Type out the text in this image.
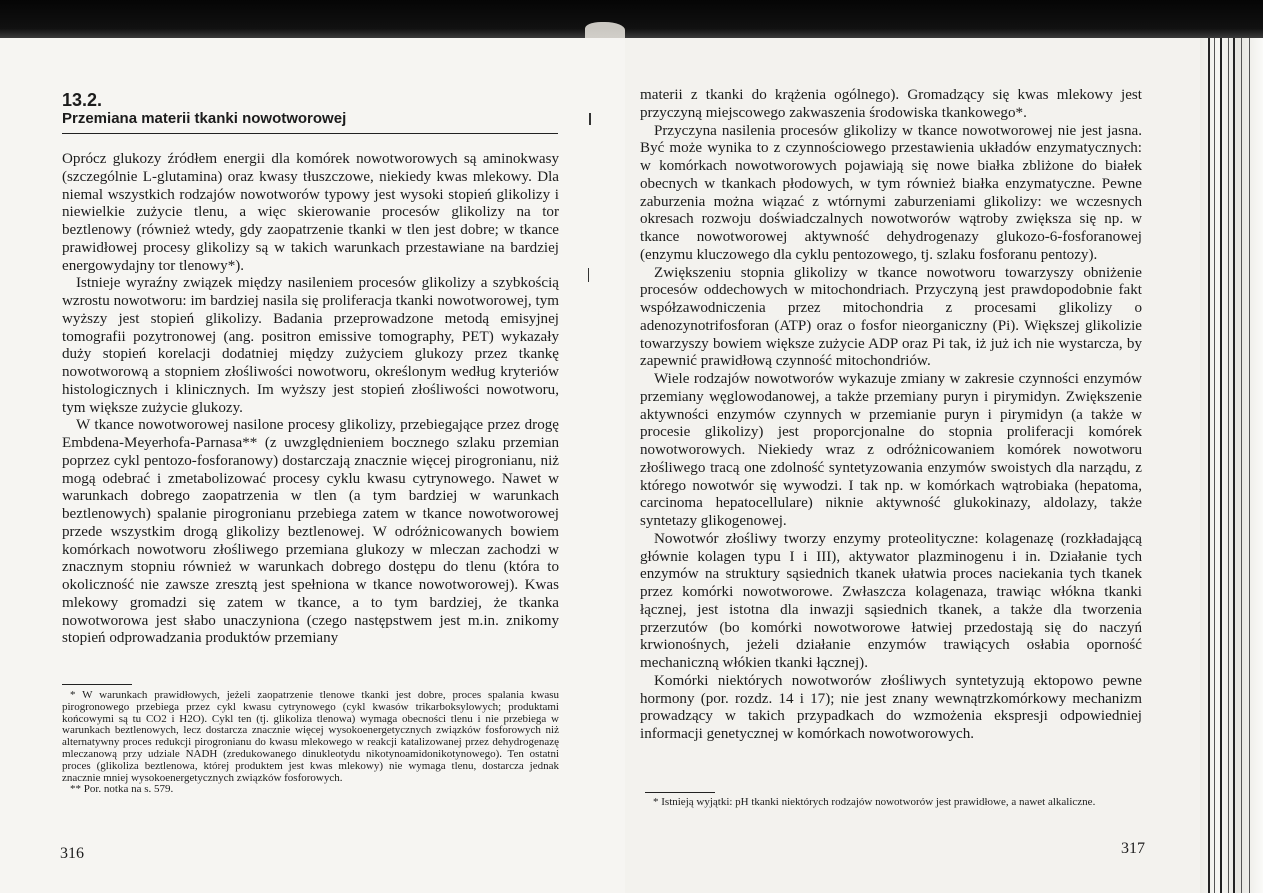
13.2.
Przemiana materii tkanki nowotworowej

Oprócz glukozy źródłem energii dla komórek nowotworowych są aminokwasy (szczególnie L-glutamina) oraz kwasy tłuszczowe, niekiedy kwas mlekowy. Dla niemal wszystkich rodzajów nowotworów typowy jest wysoki stopień glikolizy i niewielkie zużycie tlenu, a więc skierowanie procesów glikolizy na tor beztlenowy (również wtedy, gdy zaopatrzenie tkanki w tlen jest dobre; w tkance prawidłowej procesy glikolizy są w takich warunkach przestawiane na bardziej energowydajny tor tlenowy*).

Istnieje wyraźny związek między nasileniem procesów glikolizy a szybkością wzrostu nowotworu: im bardziej nasila się proliferacja tkanki nowotworowej, tym wyższy jest stopień glikolizy. Badania przeprowadzone metodą emisyjnej tomografii pozytronowej (ang. positron emissive tomography, PET) wykazały duży stopień korelacji dodatniej między zużyciem glukozy przez tkankę nowotworową a stopniem złośliwości nowotworu, określonym według kryteriów histologicznych i klinicznych. Im wyższy jest stopień złośliwości nowotworu, tym większe zużycie glukozy.

W tkance nowotworowej nasilone procesy glikolizy, przebiegające przez drogę Embdena-Meyerhofa-Parnasa** (z uwzględnieniem bocznego szlaku przemian poprzez cykl pentozo-fosforanowy) dostarczają znacznie więcej pirogronianu, niż mogą odebrać i zmetabolizować procesy cyklu kwasu cytrynowego. Nawet w warunkach dobrego zaopatrzenia w tlen (a tym bardziej w warunkach beztlenowych) spalanie pirogronianu przebiega zatem w tkance nowotworowej przede wszystkim drogą glikolizy beztlenowej. W odróżnicowanych bowiem komórkach nowotworu złośliwego przemiana glukozy w mleczan zachodzi w znacznym stopniu również w warunkach dobrego dostępu do tlenu (która to okoliczność nie zawsze zresztą jest spełniona w tkance nowotworowej). Kwas mlekowy gromadzi się zatem w tkance, a to tym bardziej, że tkanka nowotworowa jest słabo unaczyniona (czego następstwem jest m.in. znikomy stopień odprowadzania produktów przemiany

* W warunkach prawidłowych, jeżeli zaopatrzenie tlenowe tkanki jest dobre, proces spalania kwasu pirogronowego przebiega przez cykl kwasu cytrynowego (cykl kwasów trikarboksylowych; produktami końcowymi są tu CO2 i H2O). Cykl ten (tj. glikoliza tlenowa) wymaga obecności tlenu i nie przebiega w warunkach beztlenowych, lecz dostarcza znacznie więcej wysokoenergetycznych związków fosforowych niż alternatywny proces redukcji pirogronianu do kwasu mlekowego w reakcji katalizowanej przez dehydrogenazę mleczanową przy udziale NADH (zredukowanego dinukleotydu nikotynoamidonikotynowego). Ten ostatni proces (glikoliza beztlenowa, której produktem jest kwas mlekowy) nie wymaga tlenu, dostarcza jednak znacznie mniej wysokoenergetycznych związków fosforowych.

** Por. notka na s. 579.

316

materii z tkanki do krążenia ogólnego). Gromadzący się kwas mlekowy jest przyczyną miejscowego zakwaszenia środowiska tkankowego*.

Przyczyna nasilenia procesów glikolizy w tkance nowotworowej nie jest jasna. Być może wynika to z czynnościowego przestawienia układów enzymatycznych: w komórkach nowotworowych pojawiają się nowe białka zbliżone do białek obecnych w tkankach płodowych, w tym również białka enzymatyczne. Pewne zaburzenia można wiązać z wtórnymi zaburzeniami glikolizy: we wczesnych okresach rozwoju doświadczalnych nowotworów wątroby zwiększa się np. w tkance nowotworowej aktywność dehydrogenazy glukozo-6-fosforanowej (enzymu kluczowego dla cyklu pentozowego, tj. szlaku fosforanu pentozy).

Zwiększeniu stopnia glikolizy w tkance nowotworu towarzyszy obniżenie procesów oddechowych w mitochondriach. Przyczyną jest prawdopodobnie fakt współzawodniczenia przez mitochondria z procesami glikolizy o adenozynotrifosforan (ATP) oraz o fosfor nieorganiczny (Pi). Większej glikolizie towarzyszy bowiem większe zużycie ADP oraz Pi tak, iż już ich nie wystarcza, by zapewnić prawidłową czynność mitochondriów.

Wiele rodzajów nowotworów wykazuje zmiany w zakresie czynności enzymów przemiany węglowodanowej, a także przemiany puryn i pirymidyn. Zwiększenie aktywności enzymów czynnych w przemianie puryn i pirymidyn (a także w procesie glikolizy) jest proporcjonalne do stopnia proliferacji komórek nowotworowych. Niekiedy wraz z odróżnicowaniem komórek nowotworu złośliwego tracą one zdolność syntetyzowania enzymów swoistych dla narządu, z którego nowotwór się wywodzi. I tak np. w komórkach wątrobiaka (hepatoma, carcinoma hepatocellulare) niknie aktywność glukokinazy, aldolazy, także syntetazy glikogenowej.

Nowotwór złośliwy tworzy enzymy proteolityczne: kolagenazę (rozkładającą głównie kolagen typu I i III), aktywator plazminogenu i in. Działanie tych enzymów na struktury sąsiednich tkanek ułatwia proces naciekania tych tkanek przez komórki nowotworowe. Zwłaszcza kolagenaza, trawiąc włókna tkanki łącznej, jest istotna dla inwazji sąsiednich tkanek, a także dla tworzenia przerzutów (bo komórki nowotworowe łatwiej przedostają się do naczyń krwionośnych, jeżeli działanie enzymów trawiących osłabia oporność mechaniczną włókien tkanki łącznej).

Komórki niektórych nowotworów złośliwych syntetyzują ektopowo pewne hormony (por. rozdz. 14 i 17); nie jest znany wewnątrzkomórkowy mechanizm prowadzący w takich przypadkach do wzmożenia ekspresji odpowiedniej informacji genetycznej w komórkach nowotworowych.

* Istnieją wyjątki: pH tkanki niektórych rodzajów nowotworów jest prawidłowe, a nawet alkaliczne.

317
